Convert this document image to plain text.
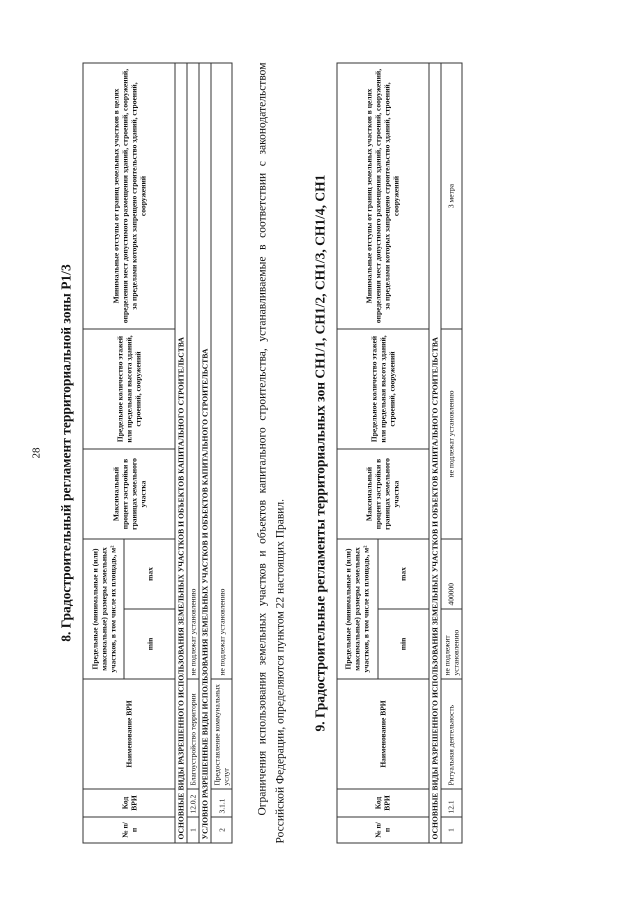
28 8. Градостроительный регламент территориальной зоны Р1/3
№ п/п	Код ВРИ	Наименование ВРИ	Предельные (минимальные и (или) максимальные) размеры земельных участков, в том числе их площадь, м²		Максимальный процент застройки в границах земельного участка	Предельное количество этажей или предельная высота зданий, строений, сооружений	Минимальные отступы от границ земельных участков в целях определения мест допустимого размещения зданий, строений, сооружений, за пределами которых запрещено строительство зданий, строений, сооружений
			min	max			
ОСНОВНЫЕ ВИДЫ РАЗРЕШЕННОГО ИСПОЛЬЗОВАНИЯ ЗЕМЕЛЬНЫХ УЧАСТКОВ И ОБЪЕКТОВ КАПИТАЛЬНОГО СТРОИТЕЛЬСТВА							
1	12.0.2	Благоустройство территории	не подлежат установлению				
УСЛОВНО РАЗРЕШЕННЫЕ ВИДЫ ИСПОЛЬЗОВАНИЯ ЗЕМЕЛЬНЫХ УЧАСТКОВ И ОБЪЕКТОВ КАПИТАЛЬНОГО СТРОИТЕЛЬСТВА							
2	3.1.1	Предоставление коммунальных услуг	не подлежат установлению					Ограничения использования земельных участков и объектов капитального строительства, устанавливаемые в соответствии с законодательством Российской Федерации, определяются пунктом 22 настоящих Правил. 9. Градостроительные регламенты территориальных зон СН1/1, СН1/2, СН1/3, СН1/4, СН1
№ п/п	Код ВРИ	Наименование ВРИ	Предельные (минимальные и (или) максимальные) размеры земельных участков, в том числе их площадь, м²		Максимальный процент застройки в границах земельного участка	Предельное количество этажей или предельная высота зданий, строений, сооружений	Минимальные отступы от границ земельных участков в целях определения мест допустимого размещения зданий, строений, сооружений, за пределами которых запрещено строительство зданий, строений, сооружений
			min	max			
ОСНОВНЫЕ ВИДЫ РАЗРЕШЕННОГО ИСПОЛЬЗОВАНИЯ ЗЕМЕЛЬНЫХ УЧАСТКОВ И ОБЪЕКТОВ КАПИТАЛЬНОГО СТРОИТЕЛЬСТВА							
1	12.1	Ритуальная деятельность	не подлежит установлению	400000	не подлежат установлению		3 метра
